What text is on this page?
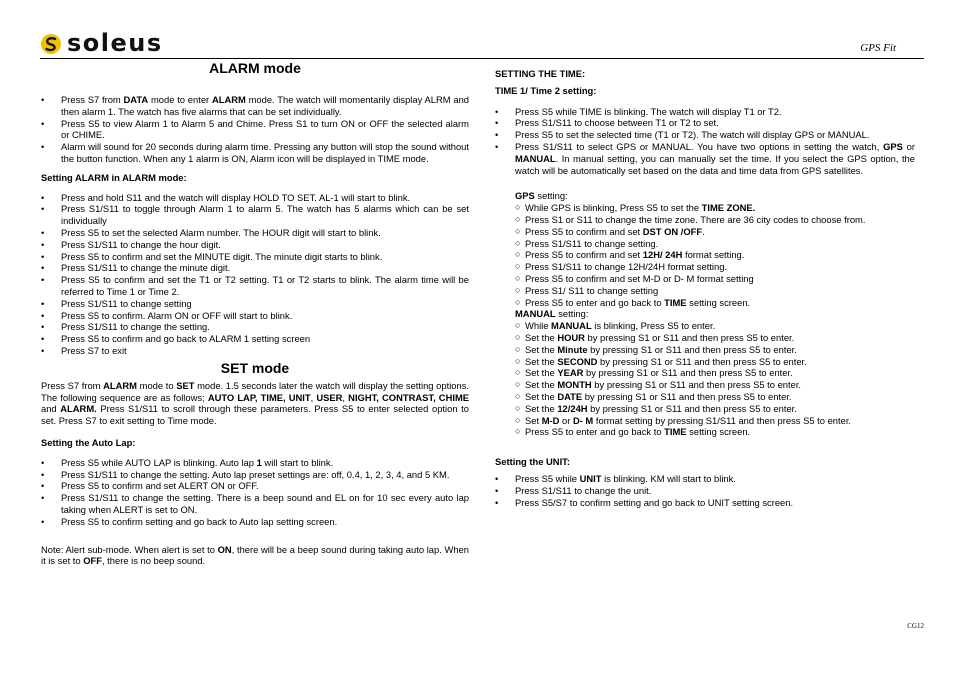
soleus	GPS Fit
ALARM mode
• Press S7 from DATA mode to enter ALARM mode. The watch will momentarily display ALRM and then alarm 1. The watch has five alarms that can be set individually.
• Press S5 to view Alarm 1 to Alarm 5 and Chime. Press S1 to turn ON or OFF the selected alarm or CHIME.
• Alarm will sound for 20 seconds during alarm time. Pressing any button will stop the sound without the button function. When any 1 alarm is ON, Alarm icon will be displayed in TIME mode.
Setting ALARM in ALARM mode:
• Press and hold S11 and the watch will display HOLD TO SET. AL-1 will start to blink.
• Press S1/S11 to toggle through Alarm 1 to alarm 5. The watch has 5 alarms which can be set individually
• Press S5 to set the selected Alarm number. The HOUR digit will start to blink.
• Press S1/S11 to change the hour digit.
• Press S5 to confirm and set the MINUTE digit. The minute digit starts to blink.
• Press S1/S11 to change the minute digit.
• Press S5 to confirm and set the T1 or T2 setting. T1 or T2 starts to blink. The alarm time will be referred to Time 1 or Time 2.
• Press S1/S11 to change setting
• Press S5 to confirm. Alarm ON or OFF will start to blink.
• Press S1/S11 to change the setting.
• Press S5 to confirm and go back to ALARM 1 setting screen
• Press S7 to exit
SET mode

Press S7 from ALARM mode to SET mode. 1.5 seconds later the watch will display the setting options. The following sequence are as follows; AUTO LAP, TIME, UNIT, USER, NIGHT, CONTRAST, CHIME and ALARM. Press S1/S11 to scroll through these parameters. Press S5 to enter selected option to set. Press S7 to exit setting to Time mode.

Setting the Auto Lap:
• Press S5 while AUTO LAP is blinking. Auto lap 1 will start to blink.
• Press S1/S11 to change the setting. Auto lap preset settings are: off, 0.4, 1, 2, 3, 4, and 5 KM.
• Press S5 to confirm and set ALERT ON or OFF.
• Press S1/S11 to change the setting. There is a beep sound and EL on for 10 sec every auto lap taking when ALERT is set to ON.
• Press S5 to confirm setting and go back to Auto lap setting screen.

Note: Alert sub-mode. When alert is set to ON, there will be a beep sound during taking auto lap. When it is set to OFF, there is no beep sound.

SETTING THE TIME:
TIME 1/ Time 2 setting:
• Press S5 while TIME is blinking. The watch will display T1 or T2.
• Press S1/S11 to choose between T1 or T2 to set.
• Press S5 to set the selected time (T1 or T2). The watch will display GPS or MANUAL.
• Press S1/S11 to select GPS or MANUAL. You have two options in setting the watch, GPS or MANUAL. In manual setting, you can manually set the time. If you select the GPS option, the watch will be automatically set based on the data and time data from GPS satellites.
GPS setting:
○ While GPS is blinking, Press S5 to set the TIME ZONE.
○ Press S1 or S11 to change the time zone. There are 36 city codes to choose from.
○ Press S5 to confirm and set DST ON /OFF.
○ Press S1/S11 to change setting.
○ Press S5 to confirm and set 12H/ 24H format setting.
○ Press S1/S11 to change 12H/24H format setting.
○ Press S5 to confirm and set M-D or D- M format setting
○ Press S1/ S11 to change setting
○ Press S5 to enter and go back to TIME setting screen.
MANUAL setting:
○ While MANUAL is blinking, Press S5 to enter.
○ Set the HOUR by pressing S1 or S11 and then press S5 to enter.
○ Set the Minute by pressing S1 or S11 and then press S5 to enter.
○ Set the SECOND by pressing S1 or S11 and then press S5 to enter.
○ Set the YEAR by pressing S1 or S11 and then press S5 to enter.
○ Set the MONTH by pressing S1 or S11 and then press S5 to enter.
○ Set the DATE by pressing S1 or S11 and then press S5 to enter.
○ Set the 12/24H by pressing S1 or S11 and then press S5 to enter.
○ Set M-D or D- M format setting by pressing S1/S11 and then press S5 to enter.
○ Press S5 to enter and go back to TIME setting screen.
Setting the UNIT:
• Press S5 while UNIT is blinking. KM will start to blink.
• Press S1/S11 to change the unit.
• Press S5/S7 to confirm setting and go back to UNIT setting screen.
CG12
